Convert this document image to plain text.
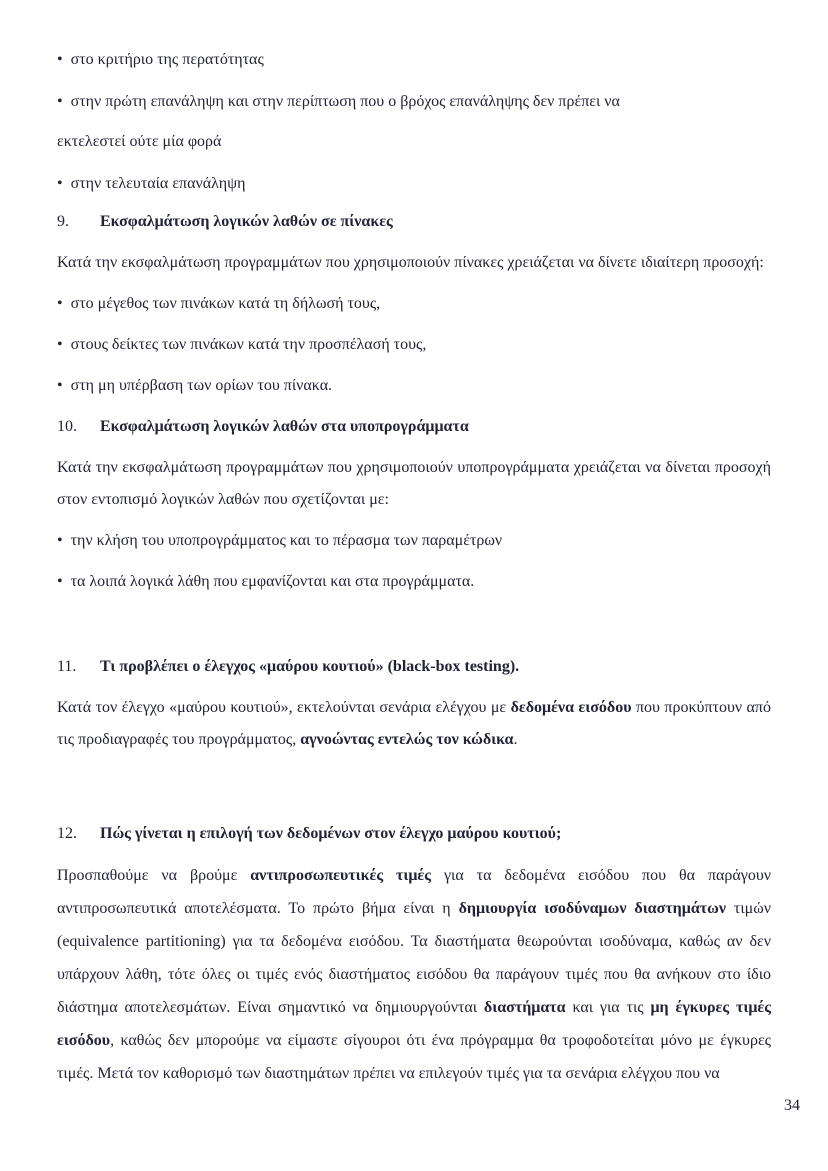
• στο κριτήριο της περατότητας

• στην πρώτη επανάληψη και στην περίπτωση που ο βρόχος επανάληψης δεν πρέπει να εκτελεστεί ούτε μία φορά

• στην τελευταία επανάληψη

9. Εκσφαλμάτωση λογικών λαθών σε πίνακες

Κατά την εκσφαλμάτωση προγραμμάτων που χρησιμοποιούν πίνακες χρειάζεται να δίνετε ιδιαίτερη προσοχή:

• στο μέγεθος των πινάκων κατά τη δήλωσή τους,

• στους δείκτες των πινάκων κατά την προσπέλασή τους,

• στη μη υπέρβαση των ορίων του πίνακα.

10. Εκσφαλμάτωση λογικών λαθών στα υποπρογράμματα

Κατά την εκσφαλμάτωση προγραμμάτων που χρησιμοποιούν υποπρογράμματα χρειάζεται να δίνεται προσοχή στον εντοπισμό λογικών λαθών που σχετίζονται με:

• την κλήση του υποπρογράμματος και το πέρασμα των παραμέτρων

• τα λοιπά λογικά λάθη που εμφανίζονται και στα προγράμματα.

11. Τι προβλέπει ο έλεγχος «μαύρου κουτιού» (black-box testing).

Κατά τον έλεγχο «μαύρου κουτιού», εκτελούνται σενάρια ελέγχου με δεδομένα εισόδου που προκύπτουν από τις προδιαγραφές του προγράμματος, αγνοώντας εντελώς τον κώδικα.

12. Πώς γίνεται η επιλογή των δεδομένων στον έλεγχο μαύρου κουτιού;

Προσπαθούμε να βρούμε αντιπροσωπευτικές τιμές για τα δεδομένα εισόδου που θα παράγουν αντιπροσωπευτικά αποτελέσματα. Το πρώτο βήμα είναι η δημιουργία ισοδύναμων διαστημάτων τιμών (equivalence partitioning) για τα δεδομένα εισόδου. Τα διαστήματα θεωρούνται ισοδύναμα, καθώς αν δεν υπάρχουν λάθη, τότε όλες οι τιμές ενός διαστήματος εισόδου θα παράγουν τιμές που θα ανήκουν στο ίδιο διάστημα αποτελεσμάτων. Είναι σημαντικό να δημιουργούνται διαστήματα και για τις μη έγκυρες τιμές εισόδου, καθώς δεν μπορούμε να είμαστε σίγουροι ότι ένα πρόγραμμα θα τροφοδοτείται μόνο με έγκυρες τιμές. Μετά τον καθορισμό των διαστημάτων πρέπει να επιλεγούν τιμές για τα σενάρια ελέγχου που να

34
